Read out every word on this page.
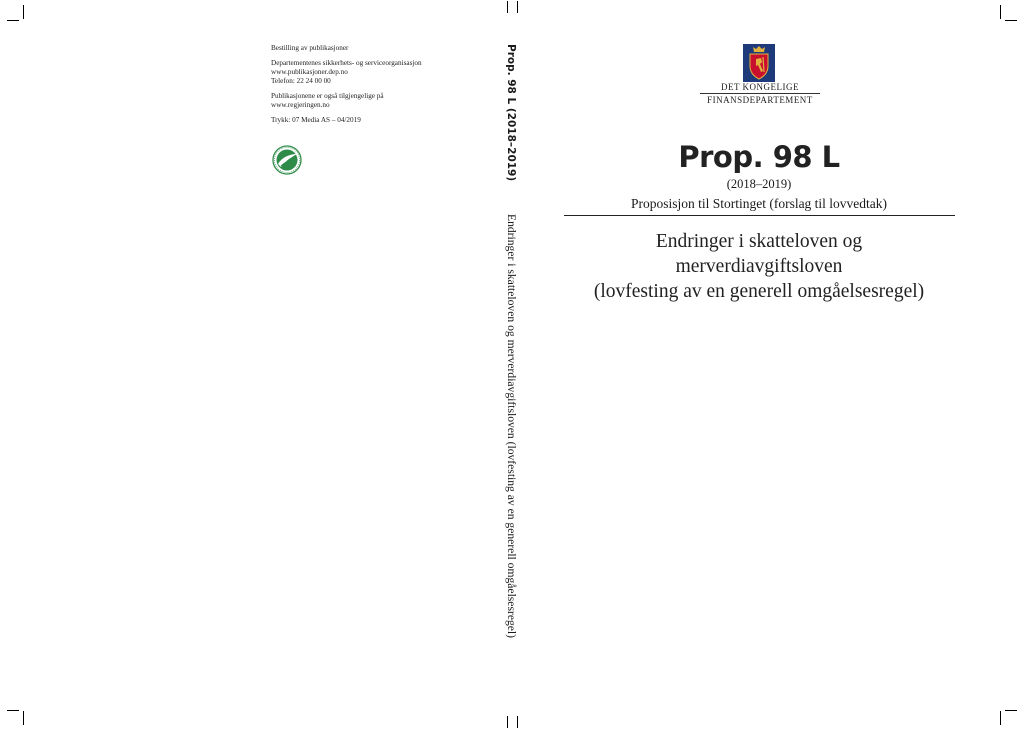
Bestilling av publikasjoner

Departementenes sikkerhets- og serviceorganisasjon
www.publikasjoner.dep.no
Telefon: 22 24 00 00

Publikasjonene er også tilgjengelige på
www.regjeringen.no

Trykk: 07 Media AS – 04/2019	Prop. 98 L (2018–2019)
Endringer i skatteloven og merverdiavgiftsloven (lovfesting av en generell omgåelsesregel)
DET KONGELIGE
FINANSDEPARTEMENT
Prop. 98 L
(2018–2019)
Proposisjon til Stortinget (forslag til lovvedtak)
Endringer i skatteloven og
merverdiavgiftsloven
(lovfesting av en generell omgåelsesregel)
